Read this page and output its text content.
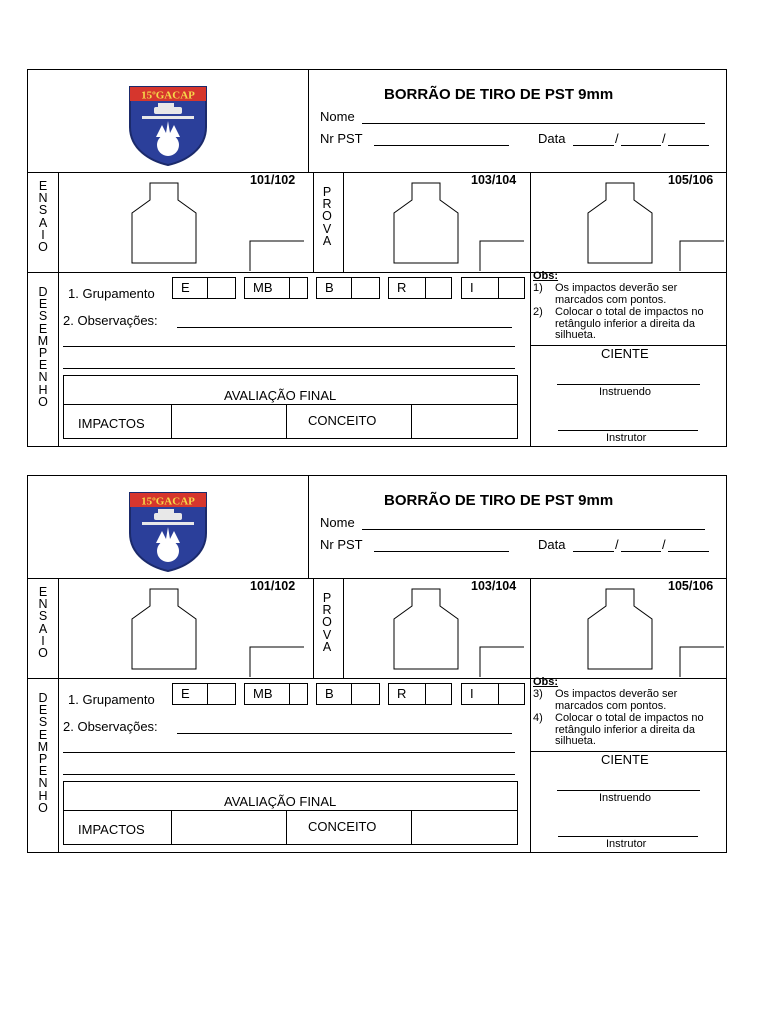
15ºGACAP	BORRÃO DE TIRO DE PST 9mm
Nome
Nr PST	Data	/	/
E
N
S
A
I
O
P
R
O
V
A
101/102	103/104	105/106
D
E
S
E
M
P
E
N
H
O
1. Grupamento E	MB	B	R	I
2. Observações:
AVALIAÇÃO FINAL
IMPACTOS	CONCEITO
Obs:
1) Os impactos deverão ser marcados com pontos.
2) Colocar o total de impactos no retângulo inferior a direita da silhueta.
CIENTE
Instruendo
Instrutor
15ºGACAP	BORRÃO DE TIRO DE PST 9mm
Nome
Nr PST	Data	/	/
E
N
S
A
I
O
P
R
O
V
A
101/102	103/104	105/106
D
E
S
E
M
P
E
N
H
O
1. Grupamento E	MB	B	R	I
2. Observações:
AVALIAÇÃO FINAL
IMPACTOS	CONCEITO
Obs:
3) Os impactos deverão ser marcados com pontos.
4) Colocar o total de impactos no retângulo inferior a direita da silhueta.
CIENTE
Instruendo
Instrutor
